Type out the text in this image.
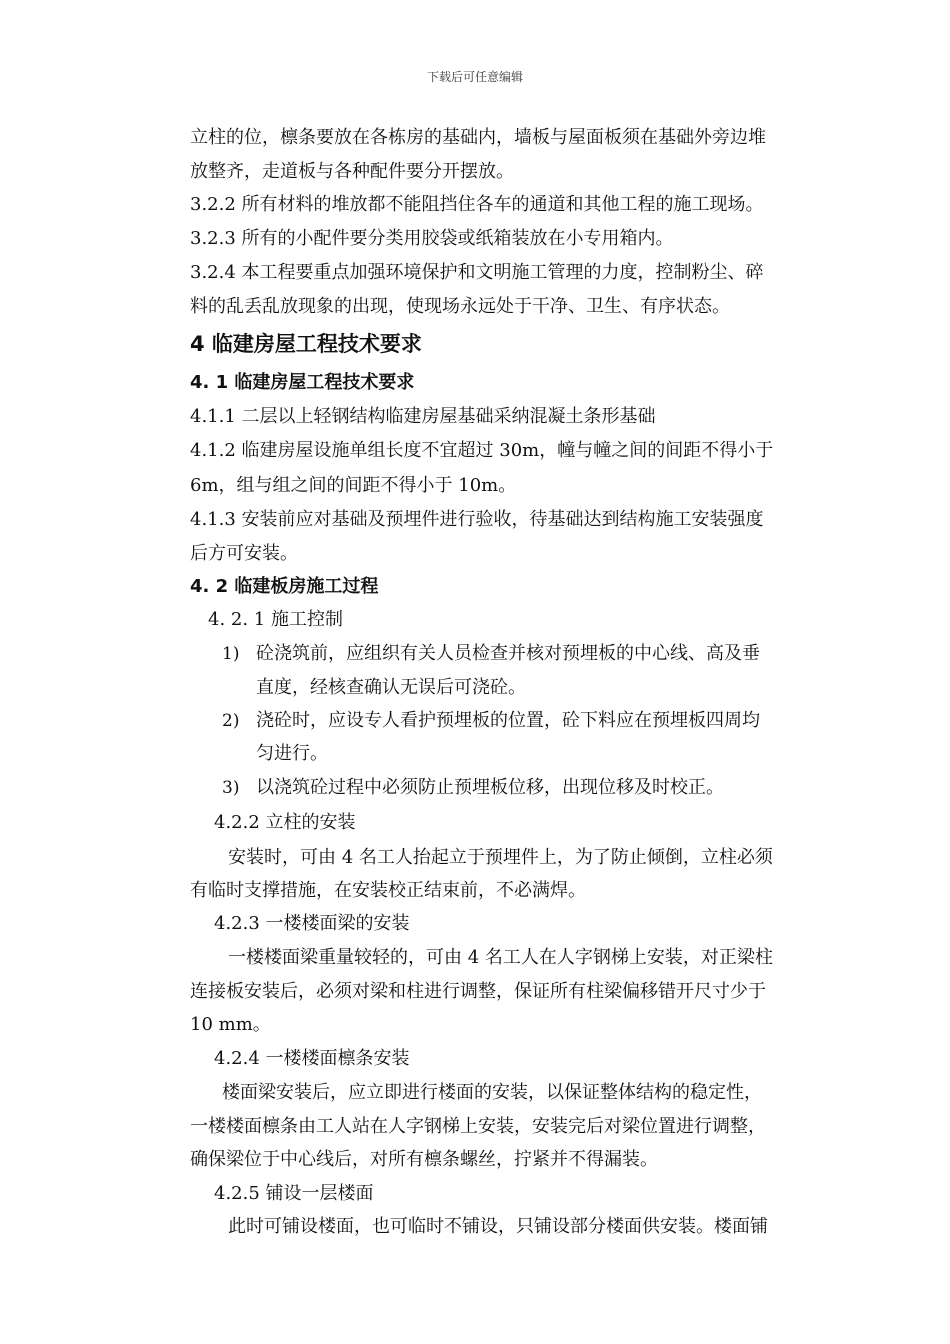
下载后可任意编辑
立柱的位，檩条要放在各栋房的基础内，墙板与屋面板须在基础外旁边堆
放整齐，走道板与各种配件要分开摆放。
3.2.2 所有材料的堆放都不能阻挡住各车的通道和其他工程的施工现场。
3.2.3 所有的小配件要分类用胶袋或纸箱装放在小专用箱内。
3.2.4 本工程要重点加强环境保护和文明施工管理的力度，控制粉尘、碎
料的乱丢乱放现象的出现，使现场永远处于干净、卫生、有序状态。
4 临建房屋工程技术要求
4. 1 临建房屋工程技术要求
4.1.1 二层以上轻钢结构临建房屋基础采纳混凝土条形基础
4.1.2 临建房屋设施单组长度不宜超过 30m，幢与幢之间的间距不得小于
6m，组与组之间的间距不得小于 10m。
4.1.3 安装前应对基础及预埋件进行验收，待基础达到结构施工安装强度
后方可安装。
4. 2 临建板房施工过程
4. 2. 1 施工控制
1) 砼浇筑前，应组织有关人员检查并核对预埋板的中心线、高及垂
直度，经核查确认无误后可浇砼。
2) 浇砼时，应设专人看护预埋板的位置，砼下料应在预埋板四周均
匀进行。
3) 以浇筑砼过程中必须防止预埋板位移，出现位移及时校正。
4.2.2 立柱的安装
安装时，可由 4 名工人抬起立于预埋件上，为了防止倾倒，立柱必须
有临时支撑措施，在安装校正结束前，不必满焊。
4.2.3 一楼楼面梁的安装
一楼楼面梁重量较轻的，可由 4 名工人在人字钢梯上安装，对正梁柱
连接板安装后，必须对梁和柱进行调整，保证所有柱梁偏移错开尺寸少于
10 mm。
4.2.4 一楼楼面檩条安装
楼面梁安装后，应立即进行楼面的安装，以保证整体结构的稳定性，
一楼楼面檩条由工人站在人字钢梯上安装，安装完后对梁位置进行调整，
确保梁位于中心线后，对所有檩条螺丝，拧紧并不得漏装。
4.2.5 铺设一层楼面
此时可铺设楼面，也可临时不铺设，只铺设部分楼面供安装。楼面铺
